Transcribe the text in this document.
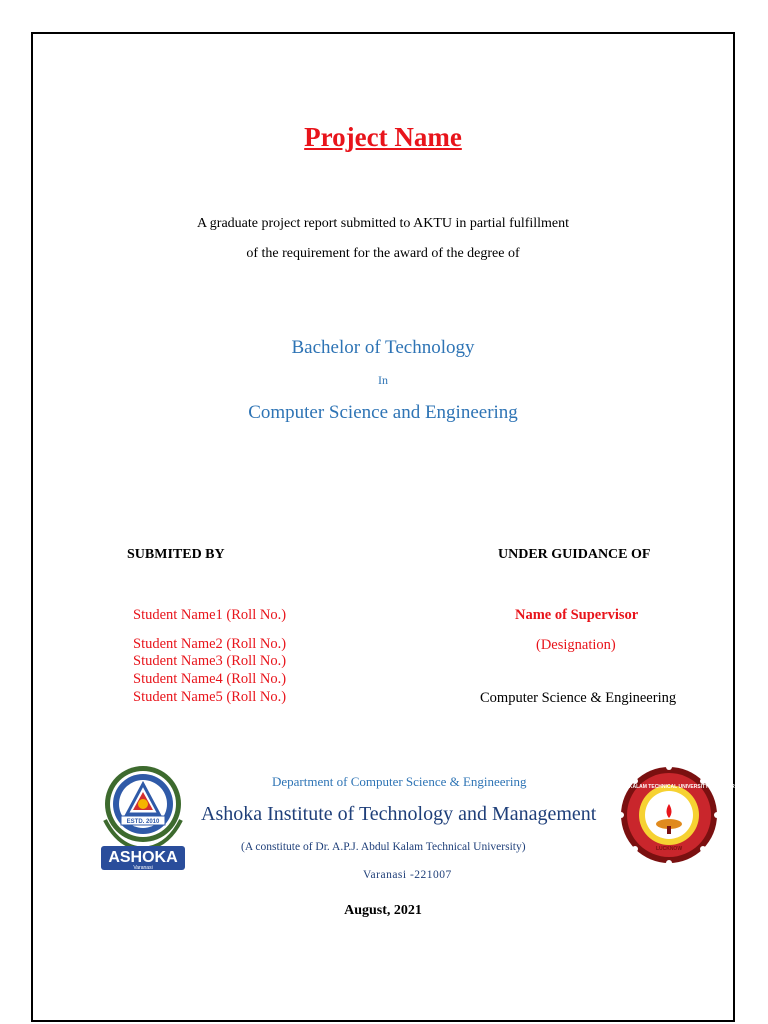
Project Name
A graduate project report submitted to AKTU in partial fulfillment
of the requirement for the award of the degree of
Bachelor of Technology
In
Computer Science and Engineering
SUBMITED BY	UNDER GUIDANCE OF
Student Name1 (Roll No.)
Student Name2 (Roll No.)
Student Name3 (Roll No.)
Student Name4 (Roll No.)
Student Name5 (Roll No.)
Name of Supervisor
(Designation)
Computer Science & Engineering
Department of Computer Science & Engineering
Ashoka Institute of Technology and Management
(A constitute of Dr. A.P.J. Abdul Kalam Technical University)
Varanasi -221007
August, 2021
ESTD. 2010
ASHOKA
Varanasi
DR. A.P.J. ABDUL KALAM TECHNICAL UNIVERSITY UTTAR PRADESH
LUCKNOW
